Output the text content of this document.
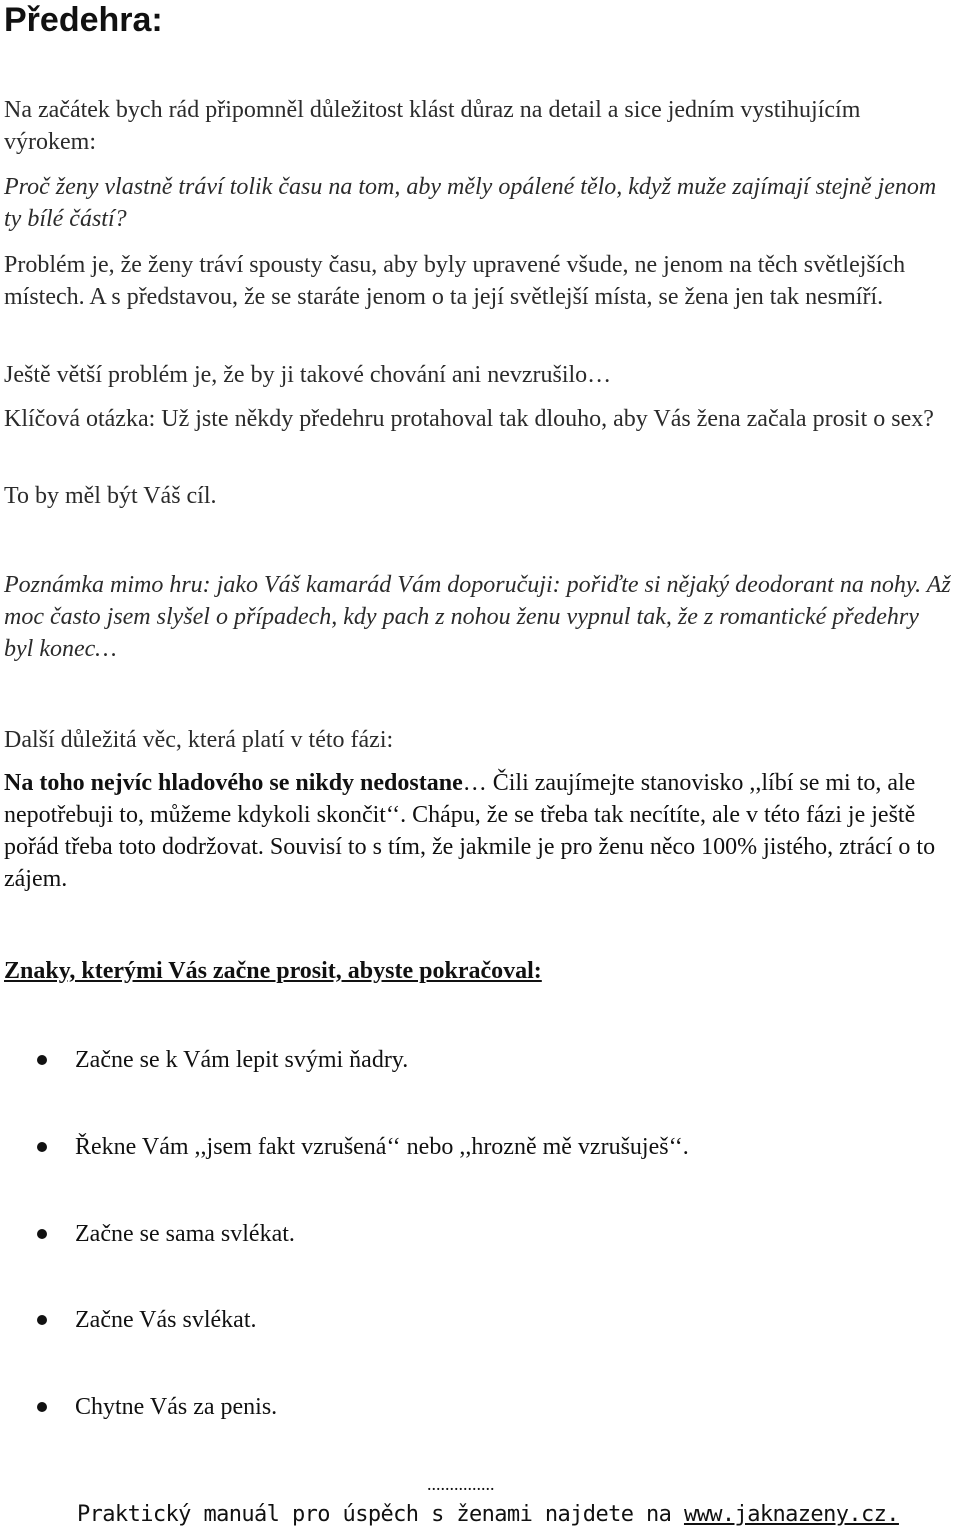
Předehra:

Na začátek bych rád připomněl důležitost klást důraz na detail a sice jedním vystihujícím výrokem:

Proč ženy vlastně tráví tolik času na tom, aby měly opálené tělo, když muže zajímají stejně jenom ty bílé částí?

Problém je, že ženy tráví spousty času, aby byly upravené všude, ne jenom na těch světlejších místech. A s představou, že se staráte jenom o ta její světlejší místa, se žena jen tak nesmíří.

Ještě větší problém je, že by ji takové chování ani nevzrušilo…

Klíčová otázka: Už jste někdy předehru protahoval tak dlouho, aby Vás žena začala prosit o sex?

To by měl být Váš cíl.

Poznámka mimo hru: jako Váš kamarád Vám doporučuji: pořiďte si nějaký deodorant na nohy. Až moc často jsem slyšel o případech, kdy pach z nohou ženu vypnul tak, že z romantické předehry byl konec…

Další důležitá věc, která platí v této fázi:

Na toho nejvíc hladového se nikdy nedostane… Čili zaujímejte stanovisko ,,líbí se mi to, ale nepotřebuji to, můžeme kdykoli skončit‘‘. Chápu, že se třeba tak necítíte, ale v této fázi je ještě pořád třeba toto dodržovat. Souvisí to s tím, že jakmile je pro ženu něco 100% jistého, ztrácí o to zájem.

Znaky, kterými Vás začne prosit, abyste pokračoval:
Začne se k Vám lepit svými ňadry.
Řekne Vám ,,jsem fakt vzrušená‘‘ nebo ,,hrozně mě vzrušuješ‘‘.
Začne se sama svlékat.
Začne Vás svlékat.
Chytne Vás za penis.
...............
Praktický manuál pro úspěch s ženami najdete na www.jaknazeny.cz.
